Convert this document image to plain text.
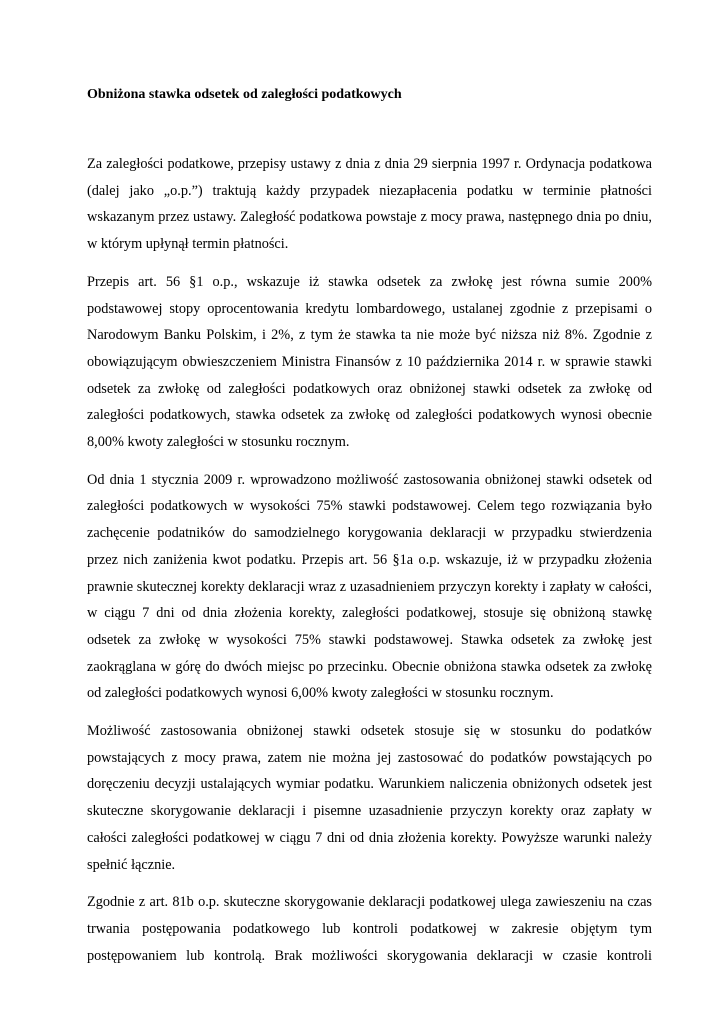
Obniżona stawka odsetek od zaległości podatkowych

Za zaległości podatkowe, przepisy ustawy z dnia z dnia 29 sierpnia 1997 r. Ordynacja podatkowa (dalej jako „o.p.”) traktują każdy przypadek niezapłacenia podatku w terminie płatności wskazanym przez ustawy. Zaległość podatkowa powstaje z mocy prawa, następnego dnia po dniu, w którym upłynął termin płatności.

Przepis art. 56 §1 o.p., wskazuje iż stawka odsetek za zwłokę jest równa sumie 200% podstawowej stopy oprocentowania kredytu lombardowego, ustalanej zgodnie z przepisami o Narodowym Banku Polskim, i 2%, z tym że stawka ta nie może być niższa niż 8%. Zgodnie z obowiązującym obwieszczeniem Ministra Finansów z 10 października 2014 r. w sprawie stawki odsetek za zwłokę od zaległości podatkowych oraz obniżonej stawki odsetek za zwłokę od zaległości podatkowych, stawka odsetek za zwłokę od zaległości podatkowych wynosi obecnie 8,00% kwoty zaległości w stosunku rocznym.

Od dnia 1 stycznia 2009 r. wprowadzono możliwość zastosowania obniżonej stawki odsetek od zaległości podatkowych w wysokości 75% stawki podstawowej. Celem tego rozwiązania było zachęcenie podatników do samodzielnego korygowania deklaracji w przypadku stwierdzenia przez nich zaniżenia kwot podatku. Przepis art. 56 §1a o.p. wskazuje, iż w przypadku złożenia prawnie skutecznej korekty deklaracji wraz z uzasadnieniem przyczyn korekty i zapłaty w całości, w ciągu 7 dni od dnia złożenia korekty, zaległości podatkowej, stosuje się obniżoną stawkę odsetek za zwłokę w wysokości 75% stawki podstawowej. Stawka odsetek za zwłokę jest zaokrąglana w górę do dwóch miejsc po przecinku. Obecnie obniżona stawka odsetek za zwłokę od zaległości podatkowych wynosi 6,00% kwoty zaległości w stosunku rocznym.

Możliwość zastosowania obniżonej stawki odsetek stosuje się w stosunku do podatków powstających z mocy prawa, zatem nie można jej zastosować do podatków powstających po doręczeniu decyzji ustalających wymiar podatku. Warunkiem naliczenia obniżonych odsetek jest skuteczne skorygowanie deklaracji i pisemne uzasadnienie przyczyn korekty oraz zapłaty w całości zaległości podatkowej w ciągu 7 dni od dnia złożenia korekty. Powyższe warunki należy spełnić łącznie.

Zgodnie z art. 81b o.p. skuteczne skorygowanie deklaracji podatkowej ulega zawieszeniu na czas trwania postępowania podatkowego lub kontroli podatkowej w zakresie objętym tym postępowaniem lub kontrolą. Brak możliwości skorygowania deklaracji w czasie kontroli
